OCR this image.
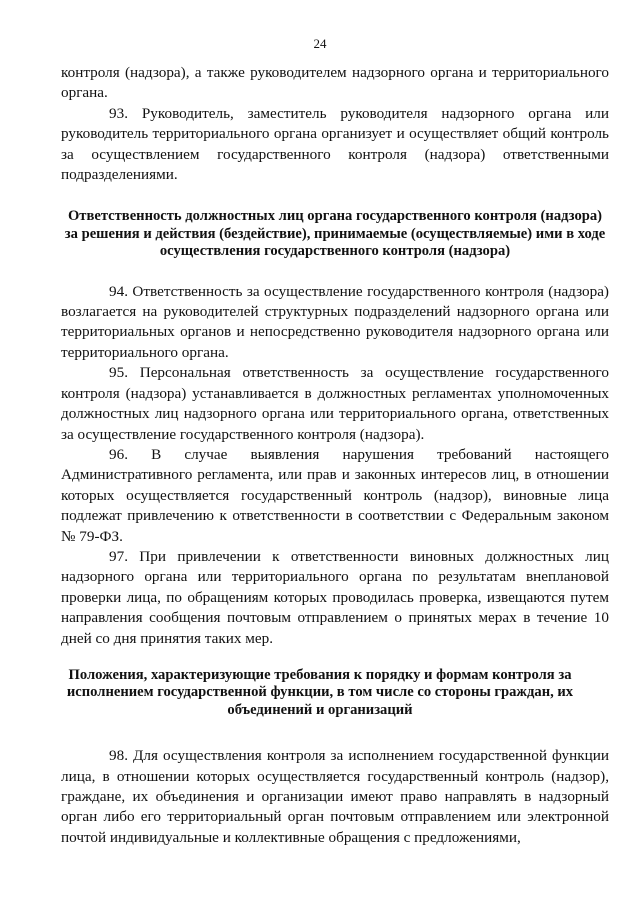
24

контроля (надзора), а также руководителем надзорного органа и территориального органа.

93. Руководитель, заместитель руководителя надзорного органа или руководитель территориального органа организует и осуществляет общий контроль за осуществлением государственного контроля (надзора) ответственными подразделениями.

Ответственность должностных лиц органа государственного контроля (надзора) за решения и действия (бездействие), принимаемые (осуществляемые) ими в ходе осуществления государственного контроля (надзора)

94. Ответственность за осуществление государственного контроля (надзора) возлагается на руководителей структурных подразделений надзорного органа или территориальных органов и непосредственно руководителя надзорного органа или территориального органа.

95. Персональная ответственность за осуществление государственного контроля (надзора) устанавливается в должностных регламентах уполномоченных должностных лиц надзорного органа или территориального органа, ответственных за осуществление государственного контроля (надзора).

96. В случае выявления нарушения требований настоящего Административного регламента, или прав и законных интересов лиц, в отношении которых осуществляется государственный контроль (надзор), виновные лица подлежат привлечению к ответственности в соответствии с Федеральным законом № 79-ФЗ.

97. При привлечении к ответственности виновных должностных лиц надзорного органа или территориального органа по результатам внеплановой проверки лица, по обращениям которых проводилась проверка, извещаются путем направления сообщения почтовым отправлением о принятых мерах в течение 10 дней со дня принятия таких мер.

Положения, характеризующие требования к порядку и формам контроля за исполнением государственной функции, в том числе со стороны граждан, их объединений и организаций

98. Для осуществления контроля за исполнением государственной функции лица, в отношении которых осуществляется государственный контроль (надзор), граждане, их объединения и организации имеют право направлять в надзорный орган либо его территориальный орган почтовым отправлением или электронной почтой индивидуальные и коллективные обращения с предложениями,
